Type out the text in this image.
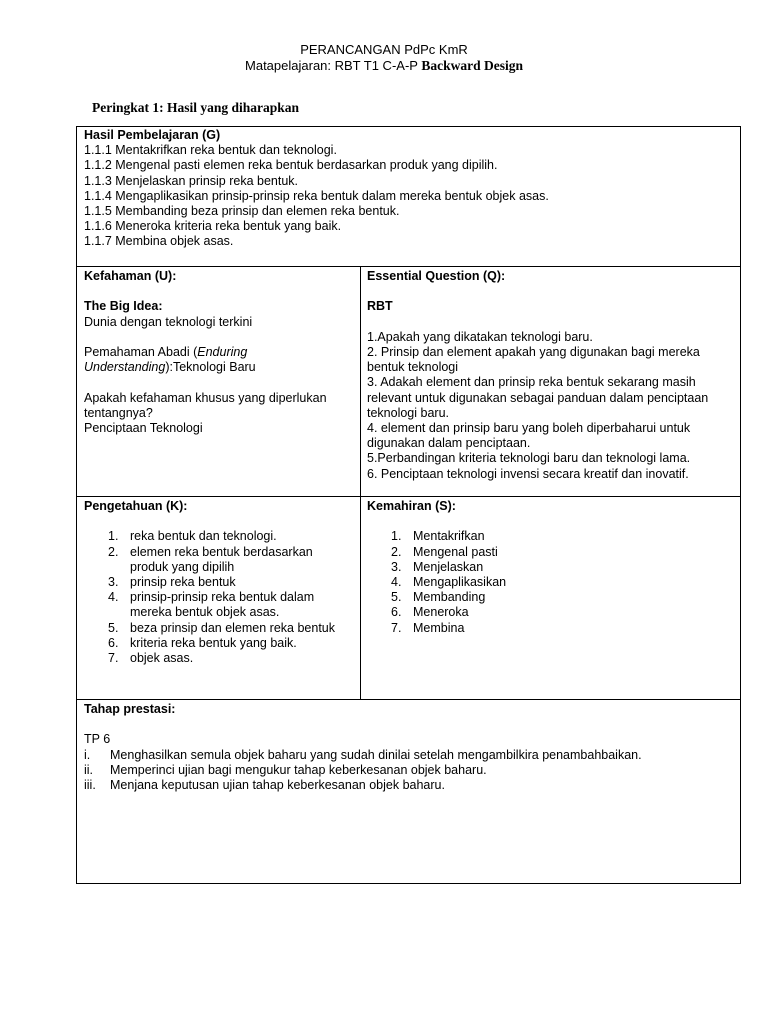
PERANCANGAN PdPc KmR
Matapelajaran: RBT T1 C-A-P Backward Design
Peringkat 1: Hasil yang diharapkan
Hasil Pembelajaran (G)
1.1.1 Mentakrifkan reka bentuk dan teknologi.
1.1.2 Mengenal pasti elemen reka bentuk berdasarkan produk yang dipilih.
1.1.3 Menjelaskan prinsip reka bentuk.
1.1.4 Mengaplikasikan prinsip-prinsip reka bentuk dalam mereka bentuk objek asas.
1.1.5 Membanding beza prinsip dan elemen reka bentuk.
1.1.6 Meneroka kriteria reka bentuk yang baik.
1.1.7 Membina objek asas.
Kefahaman (U):
The Big Idea:
Dunia dengan teknologi terkini
Pemahaman Abadi (Enduring Understanding):Teknologi Baru
Apakah kefahaman khusus yang diperlukan tentangnya?
Penciptaan Teknologi
Essential Question (Q):
RBT
1.Apakah yang dikatakan teknologi baru.
2. Prinsip dan element apakah yang digunakan bagi mereka bentuk teknologi
3. Adakah element dan prinsip reka bentuk sekarang masih relevant untuk digunakan sebagai panduan dalam penciptaan teknologi baru.
4. element dan prinsip baru yang boleh diperbaharui untuk digunakan dalam penciptaan.
5.Perbandingan kriteria teknologi baru dan teknologi lama.
6. Penciptaan teknologi invensi secara kreatif dan inovatif.
Pengetahuan (K):
1. reka bentuk dan teknologi.
2. elemen reka bentuk berdasarkan produk yang dipilih
3. prinsip reka bentuk
4. prinsip-prinsip reka bentuk dalam mereka bentuk objek asas.
5. beza prinsip dan elemen reka bentuk
6. kriteria reka bentuk yang baik.
7. objek asas.
Kemahiran (S):
1. Mentakrifkan
2. Mengenal pasti
3. Menjelaskan
4. Mengaplikasikan
5. Membanding
6. Meneroka
7. Membina
Tahap prestasi:
TP 6
i. Menghasilkan semula objek baharu yang sudah dinilai setelah mengambilkira penambahbaikan.
ii. Memperinci ujian bagi mengukur tahap keberkesanan objek baharu.
iii. Menjana keputusan ujian tahap keberkesanan objek baharu.
